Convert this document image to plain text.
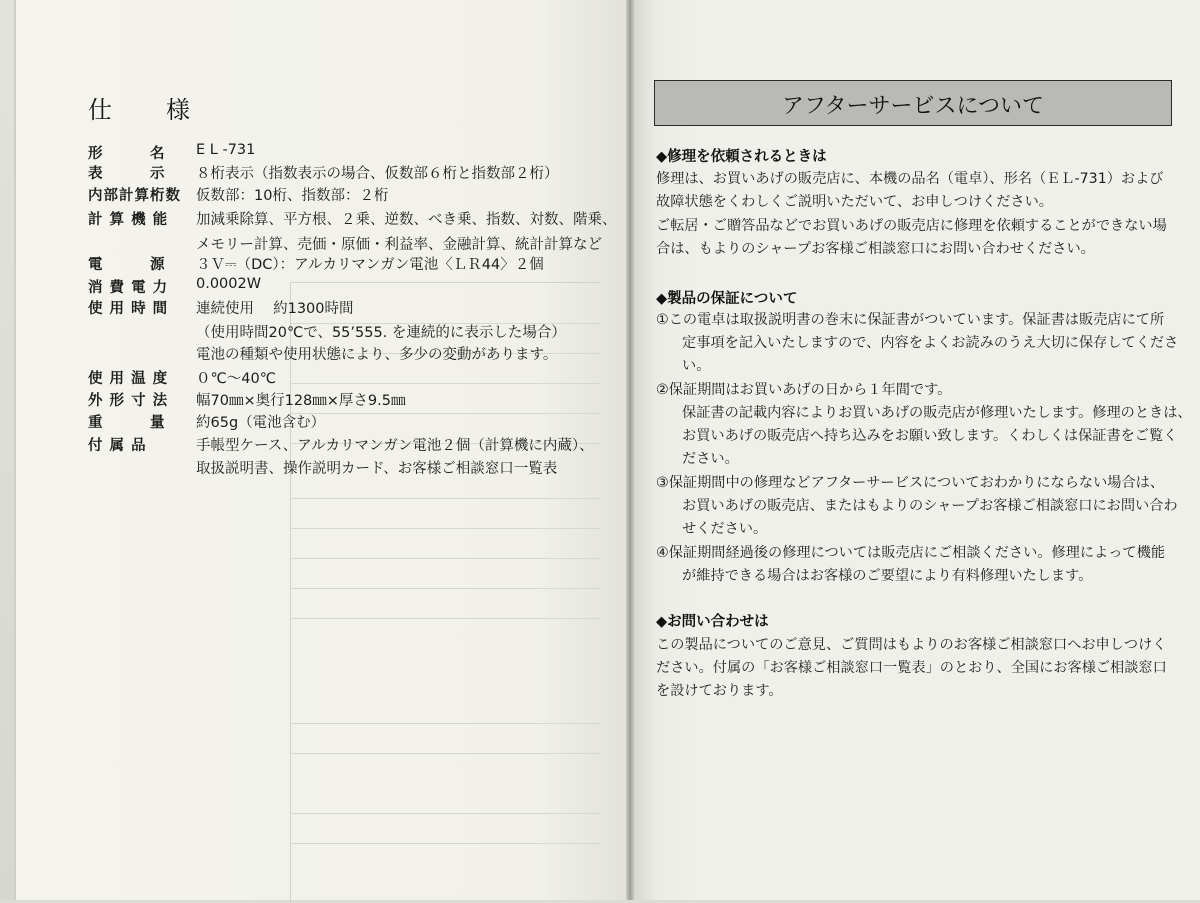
仕 様
形　　　名 E L -731
表　　　示 ８桁表示（指数表示の場合、仮数部６桁と指数部２桁）
内部計算桁数 仮数部：10桁、指数部：２桁
計 算 機 能 加減乗除算、平方根、２乗、逆数、べき乗、指数、対数、階乗、
メモリー計算、売価・原価・利益率、金融計算、統計計算など
電　　　源 ３Ｖ⎓（DC）：アルカリマンガン電池〈ＬＲ44〉２個
消 費 電 力 0.0002W
使 用 時 間 連続使用　 約1300時間
（使用時間20℃で、55’555. を連続的に表示した場合）
電池の種類や使用状態により、多少の変動があります。
使 用 温 度 ０℃～40℃
外 形 寸 法 幅70㎜×奥行128㎜×厚さ9.5㎜
重　　　量 約65g（電池含む）
付 属 品	手帳型ケース、アルカリマンガン電池２個（計算機に内蔵）、
取扱説明書、操作説明カード、お客様ご相談窓口一覧表
アフターサービスについて
◆修理を依頼されるときは
修理は、お買いあげの販売店に、本機の品名（電卓）、形名（ＥＬ-731）および
故障状態をくわしくご説明いただいて、お申しつけください。
ご転居・ご贈答品などでお買いあげの販売店に修理を依頼することができない場
合は、もよりのシャープお客様ご相談窓口にお問い合わせください。
◆製品の保証について
①この電卓は取扱説明書の巻末に保証書がついています。保証書は販売店にて所
定事項を記入いたしますので、内容をよくお読みのうえ大切に保存してくださ
い。
②保証期間はお買いあげの日から１年間です。
保証書の記載内容によりお買いあげの販売店が修理いたします。修理のときは、
お買いあげの販売店へ持ち込みをお願い致します。くわしくは保証書をご覧く
ださい。
③保証期間中の修理などアフターサービスについておわかりにならない場合は、
お買いあげの販売店、またはもよりのシャープお客様ご相談窓口にお問い合わ
せください。
④保証期間経過後の修理については販売店にご相談ください。修理によって機能
が維持できる場合はお客様のご要望により有料修理いたします。
◆お問い合わせは
この製品についてのご意見、ご質問はもよりのお客様ご相談窓口へお申しつけく
ださい。付属の「お客様ご相談窓口一覧表」のとおり、全国にお客様ご相談窓口
を設けております。
